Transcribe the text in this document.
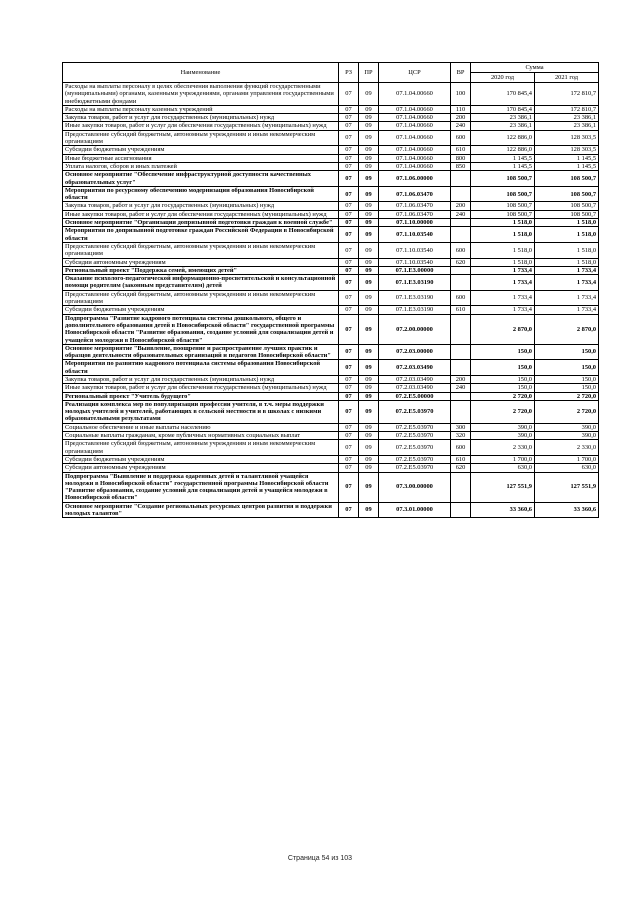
Наименование	РЗ	ПР	ЦСР	ВР	Сумма	
					2020 год	2021 год
Расходы на выплаты персоналу в целях обеспечения выполнения функций государственными (муниципальными) органами, казенными учреждениями, органами управления государственными внебюджетными фондами	07	09	07.1.04.00660	100	170 845,4	172 810,7
Расходы на выплаты персоналу казенных учреждений	07	09	07.1.04.00660	110	170 845,4	172 810,7
Закупка товаров, работ и услуг для государственных (муниципальных) нужд	07	09	07.1.04.00660	200	23 386,1	23 386,1
Иные закупки товаров, работ и услуг для обеспечения государственных (муниципальных) нужд	07	09	07.1.04.00660	240	23 386,1	23 386,1
Предоставление субсидий бюджетным, автономным учреждениям и иным некоммерческим организациям	07	09	07.1.04.00660	600	122 886,0	128 303,5
Субсидии бюджетным учреждениям	07	09	07.1.04.00660	610	122 886,0	128 303,5
Иные бюджетные ассигнования	07	09	07.1.04.00660	800	1 145,5	1 145,5
Уплата налогов, сборов и иных платежей	07	09	07.1.04.00660	850	1 145,5	1 145,5
Основное мероприятие "Обеспечение инфраструктурной доступности качественных образовательных услуг"	07	09	07.1.06.00000		108 500,7	108 500,7
Мероприятия по ресурсному обеспечению модернизации образования Новосибирской области	07	09	07.1.06.03470		108 500,7	108 500,7
Закупка товаров, работ и услуг для государственных (муниципальных) нужд	07	09	07.1.06.03470	200	108 500,7	108 500,7
Иные закупки товаров, работ и услуг для обеспечения государственных (муниципальных) нужд	07	09	07.1.06.03470	240	108 500,7	108 500,7
Основное мероприятие "Организация допризывной подготовки граждан к военной службе"	07	09	07.1.10.00000		1 518,0	1 518,0
Мероприятия по допризывной подготовке граждан Российской Федерации в Новосибирской области	07	09	07.1.10.03540		1 518,0	1 518,0
Предоставление субсидий бюджетным, автономным учреждениям и иным некоммерческим организациям	07	09	07.1.10.03540	600	1 518,0	1 518,0
Субсидии автономным учреждениям	07	09	07.1.10.03540	620	1 518,0	1 518,0
Региональный проект "Поддержка семей, имеющих детей"	07	09	07.1.E3.00000		1 733,4	1 733,4
Оказание психолого-педагогической информационно-просветительской и консультационной помощи родителям (законным представителям) детей	07	09	07.1.E3.03190		1 733,4	1 733,4
Предоставление субсидий бюджетным, автономным учреждениям и иным некоммерческим организациям	07	09	07.1.E3.03190	600	1 733,4	1 733,4
Субсидии бюджетным учреждениям	07	09	07.1.E3.03190	610	1 733,4	1 733,4
Подпрограмма "Развитие кадрового потенциала системы дошкольного, общего и дополнительного образования детей в Новосибирской области" государственной программы Новосибирской области "Развитие образования, создание условий для социализации детей и учащейся молодежи в Новосибирской области"	07	09	07.2.00.00000		2 870,0	2 870,0
Основное мероприятие "Выявление, поощрение и распространение лучших практик и образцов деятельности образовательных организаций и педагогов Новосибирской области"	07	09	07.2.03.00000		150,0	150,0
Мероприятия по развитию кадрового потенциала системы образования Новосибирской области	07	09	07.2.03.03490		150,0	150,0
Закупка товаров, работ и услуг для государственных (муниципальных) нужд	07	09	07.2.03.03490	200	150,0	150,0
Иные закупки товаров, работ и услуг для обеспечения государственных (муниципальных) нужд	07	09	07.2.03.03490	240	150,0	150,0
Региональный проект "Учитель будущего"	07	09	07.2.E5.00000		2 720,0	2 720,0
Реализация комплекса мер по популяризации профессии учителя, в т.ч. меры поддержки молодых учителей и учителей, работающих в сельской местности и в школах с низкими образовательными результатами	07	09	07.2.E5.03970		2 720,0	2 720,0
Социальное обеспечение и иные выплаты населению	07	09	07.2.E5.03970	300	390,0	390,0
Социальные выплаты гражданам, кроме публичных нормативных социальных выплат	07	09	07.2.E5.03970	320	390,0	390,0
Предоставление субсидий бюджетным, автономным учреждениям и иным некоммерческим организациям	07	09	07.2.E5.03970	600	2 330,0	2 330,0
Субсидии бюджетным учреждениям	07	09	07.2.E5.03970	610	1 700,0	1 700,0
Субсидии автономным учреждениям	07	09	07.2.E5.03970	620	630,0	630,0
Подпрограмма "Выявление и поддержка одаренных детей и талантливой учащейся молодежи в Новосибирской области" государственной программы Новосибирской области "Развитие образования, создание условий для социализации детей и учащейся молодежи в Новосибирской области"	07	09	07.3.00.00000		127 551,9	127 551,9
Основное мероприятие "Создание региональных ресурсных центров развития и поддержки молодых талантов"	07	09	07.3.01.00000		33 360,6	33 360,6
Страница 54 из 103
